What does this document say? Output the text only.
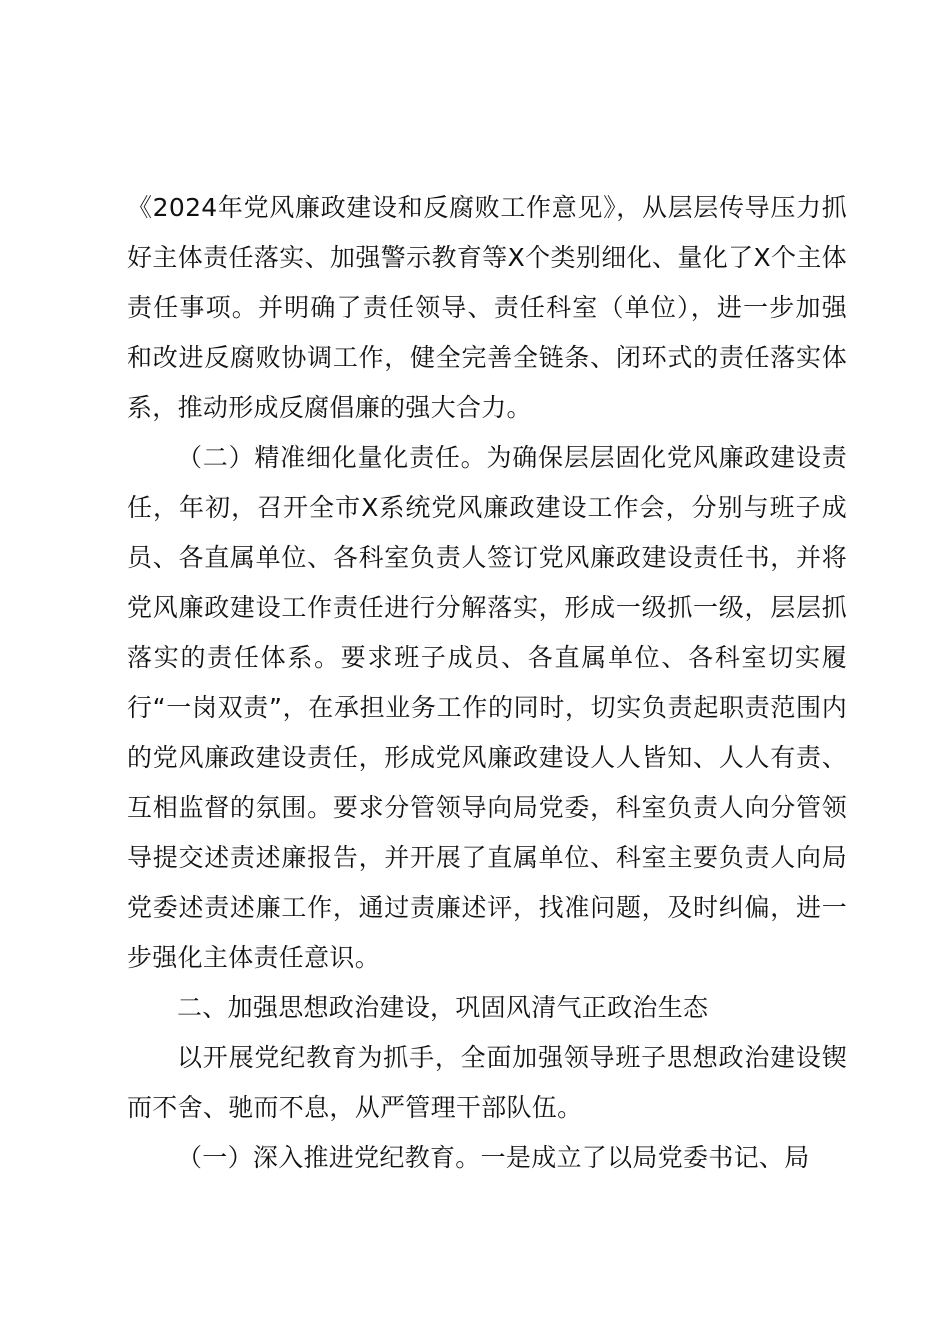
《2024年党风廉政建设和反腐败工作意见》，从层层传导压力抓好主体责任落实、加强警示教育等X个类别细化、量化了X个主体责任事项。并明确了责任领导、责任科室（单位），进一步加强和改进反腐败协调工作，健全完善全链条、闭环式的责任落实体系，推动形成反腐倡廉的强大合力。

（二）精准细化量化责任。为确保层层固化党风廉政建设责任，年初，召开全市X系统党风廉政建设工作会，分别与班子成员、各直属单位、各科室负责人签订党风廉政建设责任书，并将党风廉政建设工作责任进行分解落实，形成一级抓一级，层层抓落实的责任体系。要求班子成员、各直属单位、各科室切实履行“一岗双责”，在承担业务工作的同时，切实负责起职责范围内的党风廉政建设责任，形成党风廉政建设人人皆知、人人有责、互相监督的氛围。要求分管领导向局党委，科室负责人向分管领导提交述责述廉报告，并开展了直属单位、科室主要负责人向局党委述责述廉工作，通过责廉述评，找准问题，及时纠偏，进一步强化主体责任意识。

二、加强思想政治建设，巩固风清气正政治生态

以开展党纪教育为抓手，全面加强领导班子思想政治建设锲而不舍、驰而不息，从严管理干部队伍。

（一）深入推进党纪教育。一是成立了以局党委书记、局
